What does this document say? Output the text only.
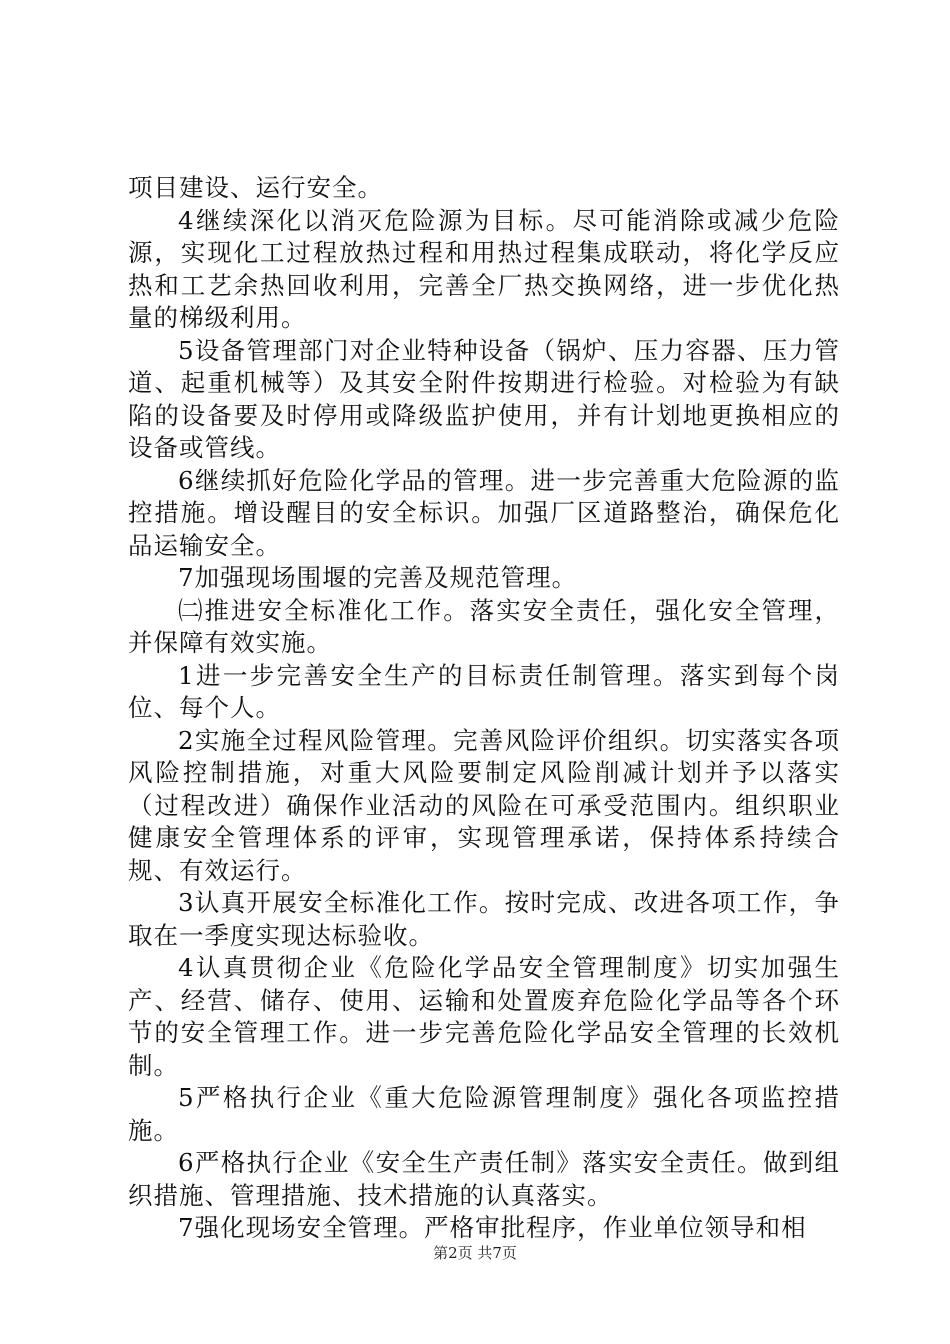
项目建设、运行安全。

4继续深化以消灭危险源为目标。尽可能消除或减少危险源，实现化工过程放热过程和用热过程集成联动，将化学反应热和工艺余热回收利用，完善全厂热交换网络，进一步优化热量的梯级利用。

5设备管理部门对企业特种设备（锅炉、压力容器、压力管道、起重机械等）及其安全附件按期进行检验。对检验为有缺陷的设备要及时停用或降级监护使用，并有计划地更换相应的设备或管线。

6继续抓好危险化学品的管理。进一步完善重大危险源的监控措施。增设醒目的安全标识。加强厂区道路整治，确保危化品运输安全。

7加强现场围堰的完善及规范管理。

㈡推进安全标准化工作。落实安全责任，强化安全管理，并保障有效实施。

1进一步完善安全生产的目标责任制管理。落实到每个岗位、每个人。

2实施全过程风险管理。完善风险评价组织。切实落实各项风险控制措施，对重大风险要制定风险削减计划并予以落实（过程改进）确保作业活动的风险在可承受范围内。组织职业健康安全管理体系的评审，实现管理承诺，保持体系持续合规、有效运行。

3认真开展安全标准化工作。按时完成、改进各项工作，争取在一季度实现达标验收。

4认真贯彻企业《危险化学品安全管理制度》切实加强生产、经营、储存、使用、运输和处置废弃危险化学品等各个环节的安全管理工作。进一步完善危险化学品安全管理的长效机制。

5严格执行企业《重大危险源管理制度》强化各项监控措施。

6严格执行企业《安全生产责任制》落实安全责任。做到组织措施、管理措施、技术措施的认真落实。

7强化现场安全管理。严格审批程序，作业单位领导和相

第2页 共7页
